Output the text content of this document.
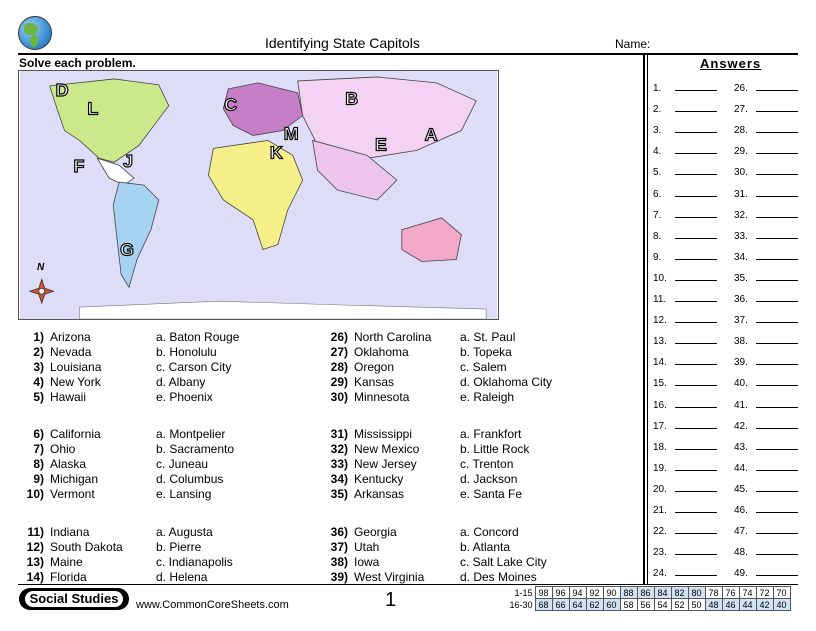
Identifying State Capitols	Name:
Solve each problem.
D
L	C	B
M	A
E
K
F J
G
N
Answers
1.	26.
2.	27.
3.	28.
4.	29.
5.	30.
6.	31.
7.	32.
8.	33.
9.	34.
10.	35.
11.	36.
12.	37.
13.	38.
14.	39.
15.	40.
16.	41.
17.	42.
18.	43.
19.	44.
20.	45.
21.	46.
22.	47.
23.	48.
24.	49.
1) Arizona	a. Baton Rouge
2) Nevada	b. Honolulu
3) Louisiana	c. Carson City
4) New York	d. Albany
5) Hawaii	e. Phoenix
26) North Carolina a. St. Paul
27) Oklahoma	b. Topeka
28) Oregon	c. Salem
29) Kansas	d. Oklahoma City
30) Minnesota	e. Raleigh
6) California	a. Montpelier
7) Ohio	b. Sacramento
8) Alaska	c. Juneau
9) Michigan	d. Columbus
10) Vermont	e. Lansing
31) Mississippi	a. Frankfort
32) New Mexico	b. Little Rock
33) New Jersey	c. Trenton
34) Kentucky	d. Jackson
35) Arkansas	e. Santa Fe
11) Indiana	a. Augusta
12) South Dakota	b. Pierre
13) Maine	c. Indianapolis
14) Florida	d. Helena
36) Georgia	a. Concord
37) Utah	b. Atlanta
38) Iowa	c. Salt Lake City
39) West Virginia	d. Des Moines
Social Studies	www.CommonCoreSheets.com	1	1-15	98	96	94	92	90	88	86	84	82	80	78	76	74	72	70
16-30	68	66	64	62	60	58	56	54	52	50	48	46	44	42	40
